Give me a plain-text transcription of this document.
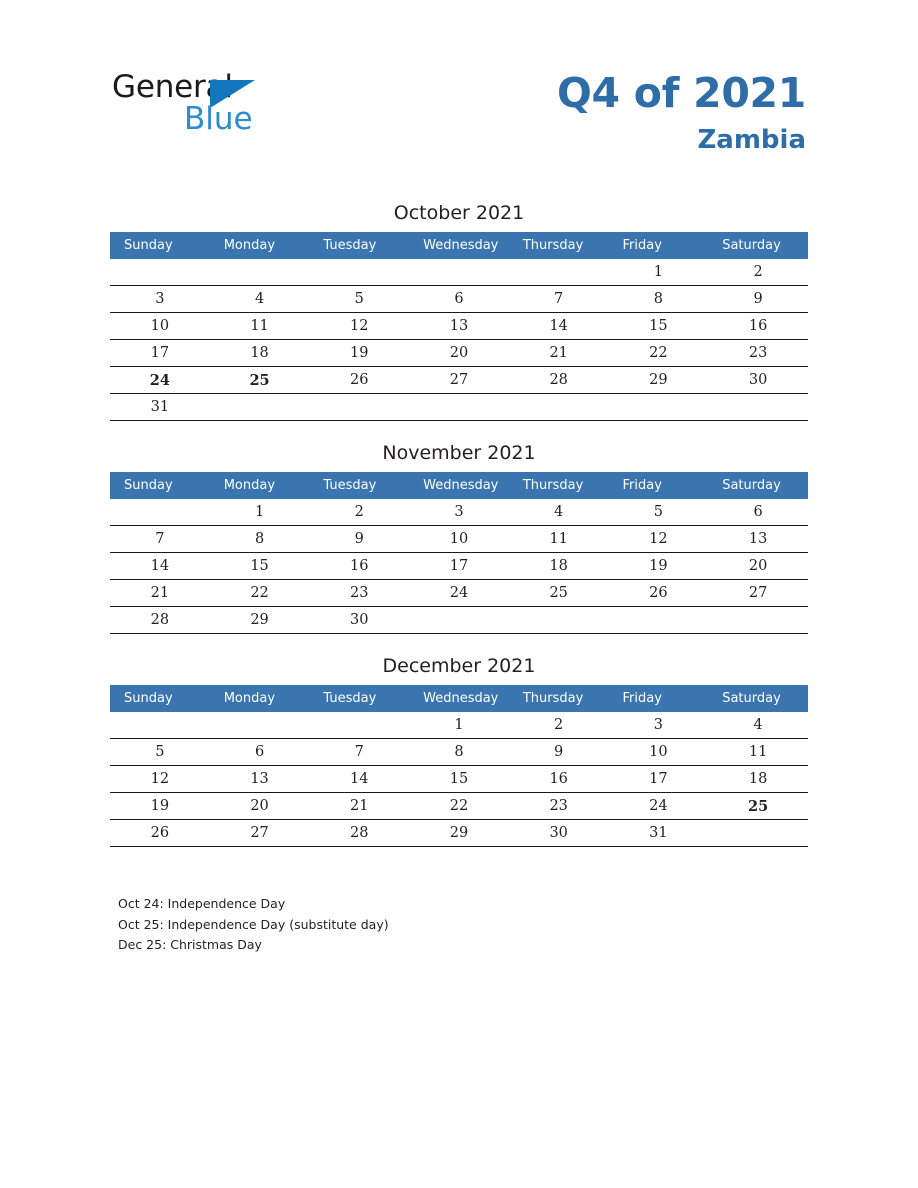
General
Blue
Q4 of 2021
Zambia
October 2021
Sunday	Monday	Tuesday	Wednesday	Thursday	Friday	Saturday
					1	2
3	4	5	6	7	8	9
10	11	12	13	14	15	16
17	18	19	20	21	22	23
24	25	26	27	28	29	30
31						
November 2021
Sunday	Monday	Tuesday	Wednesday	Thursday	Friday	Saturday
	1	2	3	4	5	6
7	8	9	10	11	12	13
14	15	16	17	18	19	20
21	22	23	24	25	26	27
28	29	30				
December 2021
Sunday	Monday	Tuesday	Wednesday	Thursday	Friday	Saturday
			1	2	3	4
5	6	7	8	9	10	11
12	13	14	15	16	17	18
19	20	21	22	23	24	25
26	27	28	29	30	31	
Oct 24: Independence Day
Oct 25: Independence Day (substitute day)
Dec 25: Christmas Day
